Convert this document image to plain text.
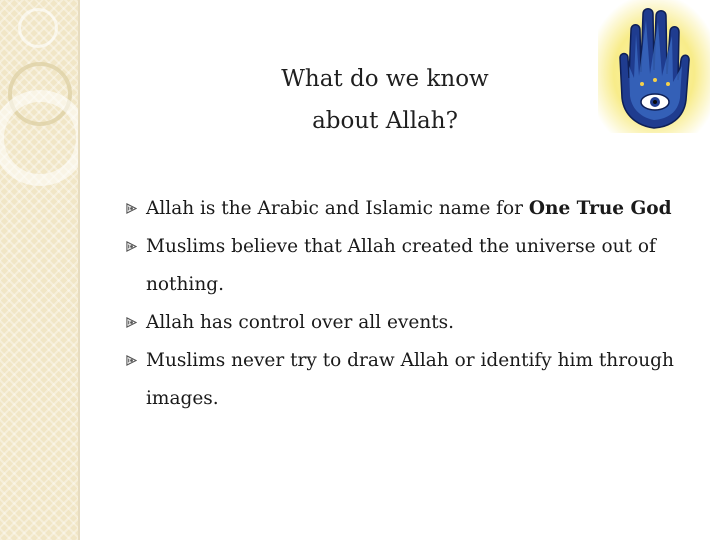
What do we know
about Allah?
Allah is the Arabic and Islamic name for One True God
Muslims believe that Allah created the universe out of
nothing.
Allah has control over all events.
Muslims never try to draw Allah or identify him through
images.
